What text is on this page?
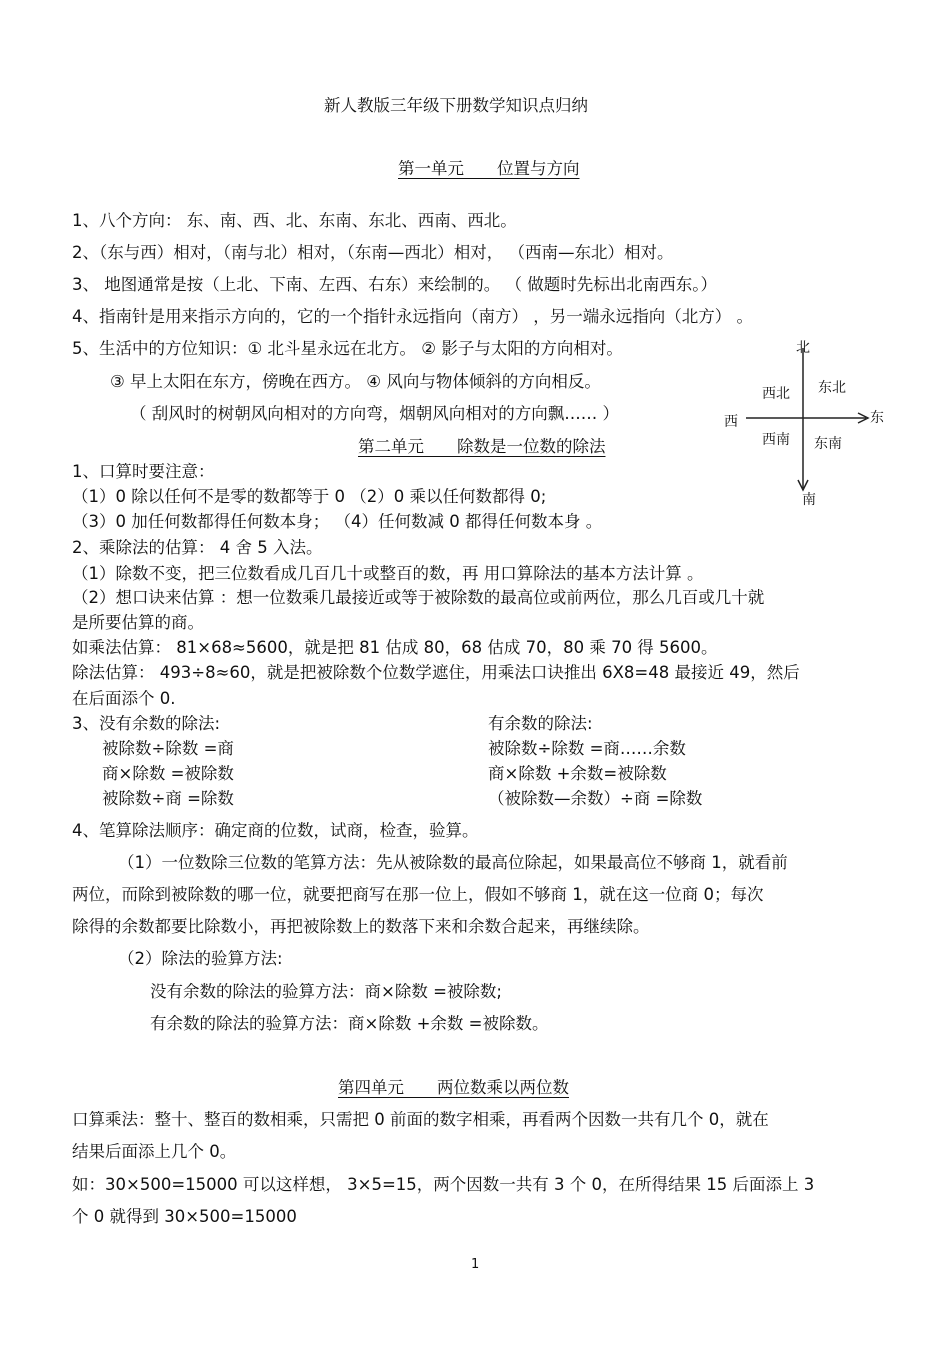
新人教版三年级下册数学知识点归纳
第一单元　　位置与方向
1、八个方向： 东、南、西、北、东南、东北、西南、西北。
2、（东与西）相对，（南与北）相对，（东南—西北）相对， （西南—东北）相对。
3、 地图通常是按（上北、下南、左西、右东）来绘制的。 （ 做题时先标出北南西东。）
4、指南针是用来指示方向的，它的一个指针永远指向（南方） ，另一端永远指向（北方） 。
5、生活中的方位知识：① 北斗星永远在北方。 ② 影子与太阳的方向相对。
③ 早上太阳在东方，傍晚在西方。 ④ 风向与物体倾斜的方向相反。
（ 刮风时的树朝风向相对的方向弯，烟朝风向相对的方向飘…… ）
北
南
东
西
西北 东北
西南 东南
第二单元　　除数是一位数的除法
1、口算时要注意：
（1）0 除以任何不是零的数都等于 0 （2）0 乘以任何数都得 0;
（3）0 加任何数都得任何数本身； （4）任何数减 0 都得任何数本身 。
2、乘除法的估算： 4 舍 5 入法。
（1）除数不变，把三位数看成几百几十或整百的数，再 用口算除法的基本方法计算 。
（2）想口诀来估算 ：想一位数乘几最接近或等于被除数的最高位或前两位，那么几百或几十就
是所要估算的商。
如乘法估算： 81×68≈5600，就是把 81 估成 80，68 估成 70，80 乘 70 得 5600。
除法估算： 493÷8≈60，就是把被除数个位数学遮住，用乘法口诀推出 6X8=48 最接近 49，然后
在后面添个 0.
3、没有余数的除法:	有余数的除法:
被除数÷除数 =商	被除数÷除数 =商……余数
商×除数 =被除数	商×除数 +余数=被除数
被除数÷商 =除数	（被除数—余数）÷商 =除数
4、笔算除法顺序：确定商的位数，试商，检查，验算。
（1）一位数除三位数的笔算方法：先从被除数的最高位除起，如果最高位不够商 1，就看前
两位，而除到被除数的哪一位，就要把商写在那一位上，假如不够商 1，就在这一位商 0；每次
除得的余数都要比除数小，再把被除数上的数落下来和余数合起来，再继续除。
（2）除法的验算方法:
没有余数的除法的验算方法：商×除数 =被除数;
有余数的除法的验算方法：商×除数 +余数 =被除数。
第四单元　　两位数乘以两位数
口算乘法：整十、整百的数相乘，只需把 0 前面的数字相乘，再看两个因数一共有几个 0，就在
结果后面添上几个 0。
如：30×500=15000 可以这样想， 3×5=15，两个因数一共有 3 个 0，在所得结果 15 后面添上 3
个 0 就得到 30×500=15000
1
